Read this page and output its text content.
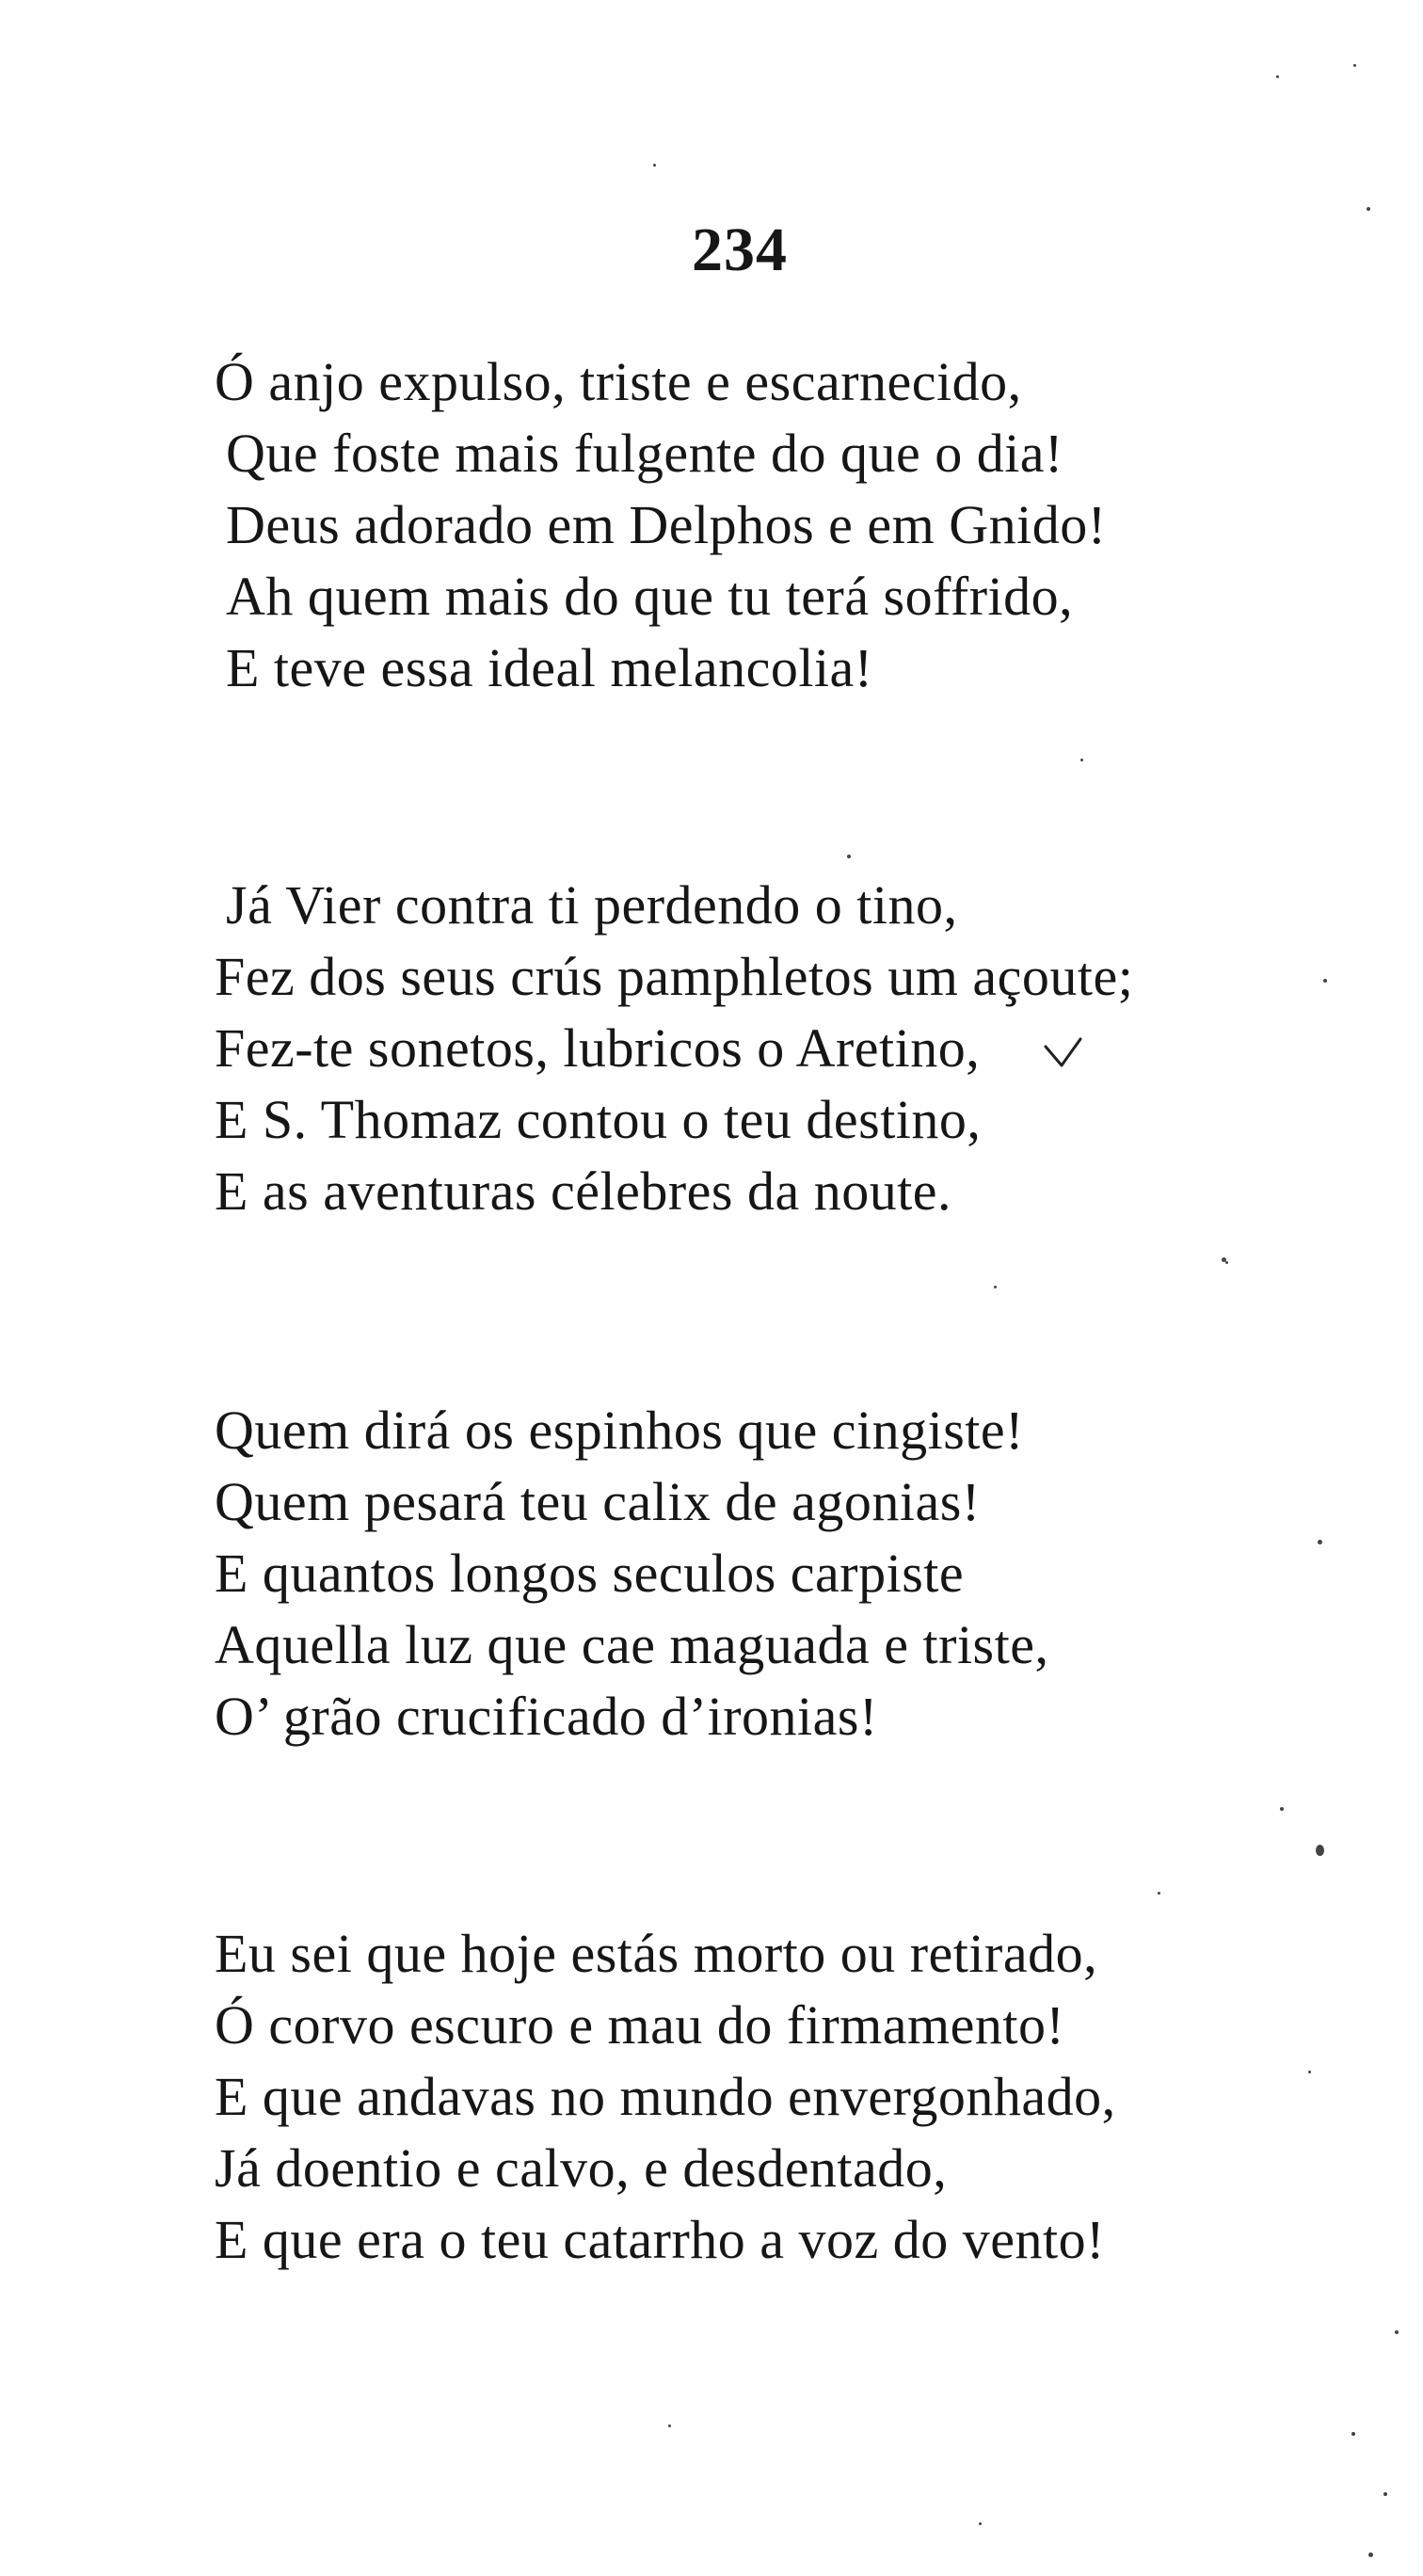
234
Ó anjo expulso, triste e escarnecido,
Que foste mais fulgente do que o dia!
Deus adorado em Delphos e em Gnido!
Ah quem mais do que tu terá soffrido,
E teve essa ideal melancolia!
Já Vier contra ti perdendo o tino,
Fez dos seus crús pamphletos um açoute;
Fez-te sonetos, lubricos o Aretino,
E S. Thomaz contou o teu destino,
E as aventuras célebres da noute.
Quem dirá os espinhos que cingiste!
Quem pesará teu calix de agonias!
E quantos longos seculos carpiste
Aquella luz que cae maguada e triste,
O’ grão crucificado d’ironias!
Eu sei que hoje estás morto ou retirado,
Ó corvo escuro e mau do firmamento!
E que andavas no mundo envergonhado,
Já doentio e calvo, e desdentado,
E que era o teu catarrho a voz do vento!
